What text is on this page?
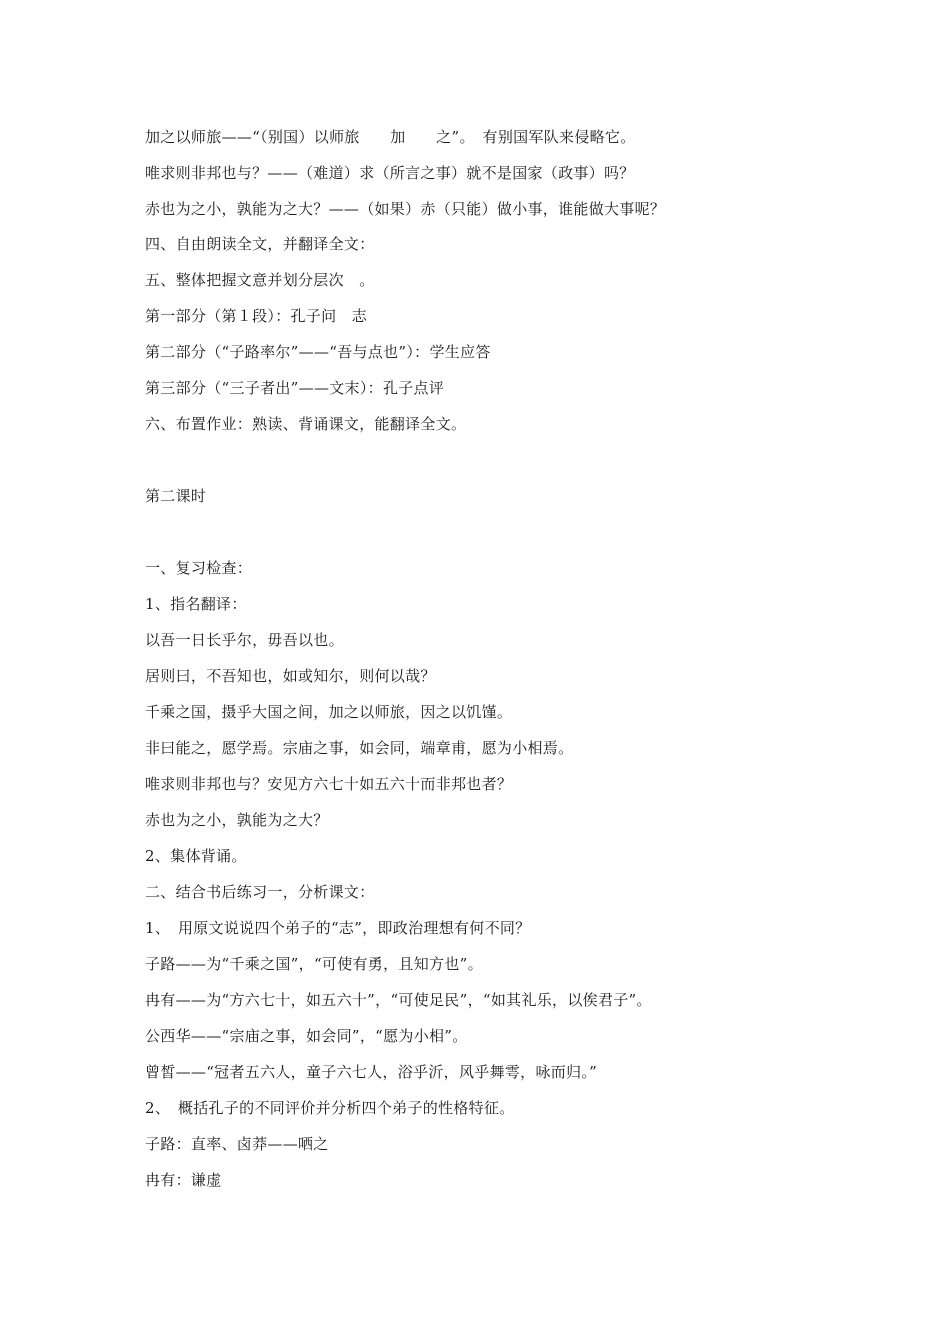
加之以师旅——“（别国）以师旅　　加　　之”。　有别国军队来侵略它。
唯求则非邦也与？——（难道）求（所言之事）就不是国家（政事）吗？
赤也为之小，孰能为之大？——（如果）赤（只能）做小事，谁能做大事呢？
四、自由朗读全文，并翻译全文：
五、整体把握文意并划分层次　。
第一部分（第１段）：孔子问　志
第二部分（“子路率尔”——“吾与点也”）：学生应答
第三部分（“三子者出”——文末）：孔子点评
六、布置作业：熟读、背诵课文，能翻译全文。
第二课时
一、复习检查：
1、指名翻译：
以吾一日长乎尔，毋吾以也。
居则曰，不吾知也，如或知尔，则何以哉？
千乘之国，摄乎大国之间，加之以师旅，因之以饥馑。
非曰能之，愿学焉。宗庙之事，如会同，端章甫，愿为小相焉。
唯求则非邦也与？安见方六七十如五六十而非邦也者？
赤也为之小，孰能为之大？
2、集体背诵。
二、结合书后练习一，分析课文：
1、　用原文说说四个弟子的“志”，即政治理想有何不同？
子路——为“千乘之国”，“可使有勇，且知方也”。
冉有——为“方六七十，如五六十”，“可使足民”，“如其礼乐，以俟君子”。
公西华——“宗庙之事，如会同”，“愿为小相”。
曾皙——“冠者五六人，童子六七人，浴乎沂，风乎舞雩，咏而归。”
2、　概括孔子的不同评价并分析四个弟子的性格特征。
子路：直率、卤莽——哂之
冉有：谦虚
